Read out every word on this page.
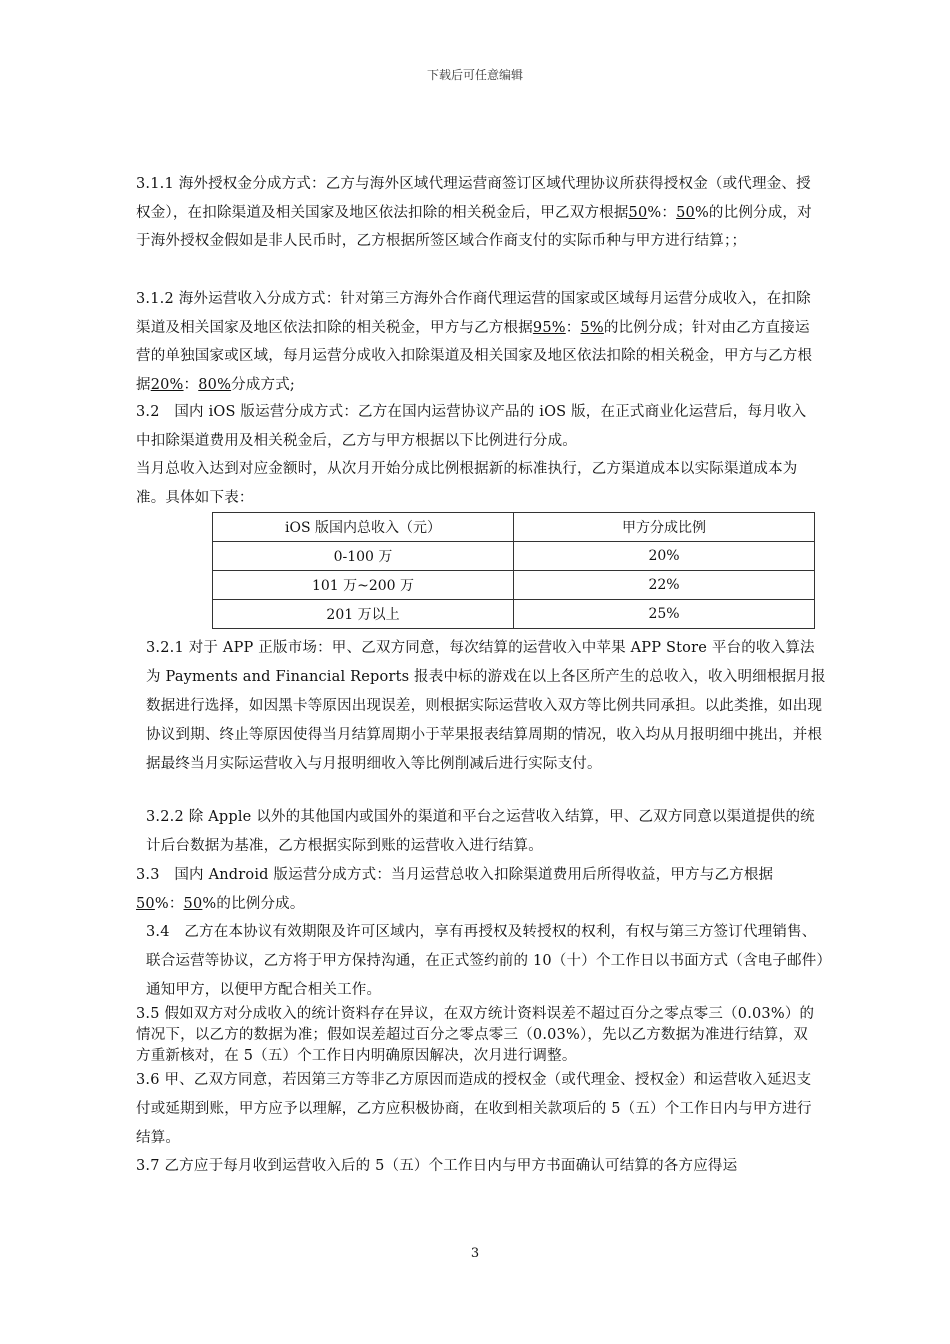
下载后可任意编辑

3.1.1 海外授权金分成方式：乙方与海外区域代理运营商签订区域代理协议所获得授权金（或代理金、授权金），在扣除渠道及相关国家及地区依法扣除的相关税金后，甲乙双方根据50%：50%的比例分成，对于海外授权金假如是非人民币时，乙方根据所签区域合作商支付的实际币种与甲方进行结算；；

3.1.2 海外运营收入分成方式：针对第三方海外合作商代理运营的国家或区域每月运营分成收入，在扣除渠道及相关国家及地区依法扣除的相关税金，甲方与乙方根据95%：5%的比例分成；针对由乙方直接运营的单独国家或区域，每月运营分成收入扣除渠道及相关国家及地区依法扣除的相关税金，甲方与乙方根据20%：80%分成方式;

3.2　国内 iOS 版运营分成方式：乙方在国内运营协议产品的 iOS 版，在正式商业化运营后，每月收入中扣除渠道费用及相关税金后，乙方与甲方根据以下比例进行分成。

当月总收入达到对应金额时，从次月开始分成比例根据新的标准执行，乙方渠道成本以实际渠道成本为准。具体如下表：

iOS 版国内总收入（元）	甲方分成比例
0-100 万	20%
101 万~200 万	22%
201 万以上	25%

3.2.1 对于 APP 正版市场：甲、乙双方同意，每次结算的运营收入中苹果 APP Store 平台的收入算法为 Payments and Financial Reports 报表中标的游戏在以上各区所产生的总收入，收入明细根据月报数据进行选择，如因黑卡等原因出现误差，则根据实际运营收入双方等比例共同承担。以此类推，如出现协议到期、终止等原因使得当月结算周期小于苹果报表结算周期的情况，收入均从月报明细中挑出，并根据最终当月实际运营收入与月报明细收入等比例削减后进行实际支付。

3.2.2 除 Apple 以外的其他国内或国外的渠道和平台之运营收入结算，甲、乙双方同意以渠道提供的统计后台数据为基准，乙方根据实际到账的运营收入进行结算。

3.3　国内 Android 版运营分成方式：当月运营总收入扣除渠道费用后所得收益，甲方与乙方根据50%：50%的比例分成。

3.4　乙方在本协议有效期限及许可区域内，享有再授权及转授权的权利，有权与第三方签订代理销售、联合运营等协议，乙方将于甲方保持沟通，在正式签约前的 10（十）个工作日以书面方式（含电子邮件）通知甲方，以便甲方配合相关工作。

3.5 假如双方对分成收入的统计资料存在异议，在双方统计资料误差不超过百分之零点零三（0.03%）的情况下，以乙方的数据为准；假如误差超过百分之零点零三（0.03%），先以乙方数据为准进行结算，双方重新核对，在 5（五）个工作日内明确原因解决，次月进行调整。

3.6 甲、乙双方同意，若因第三方等非乙方原因而造成的授权金（或代理金、授权金）和运营收入延迟支付或延期到账，甲方应予以理解，乙方应积极协商，在收到相关款项后的 5（五）个工作日内与甲方进行结算。

3.7 乙方应于每月收到运营收入后的 5（五）个工作日内与甲方书面确认可结算的各方应得运

3
